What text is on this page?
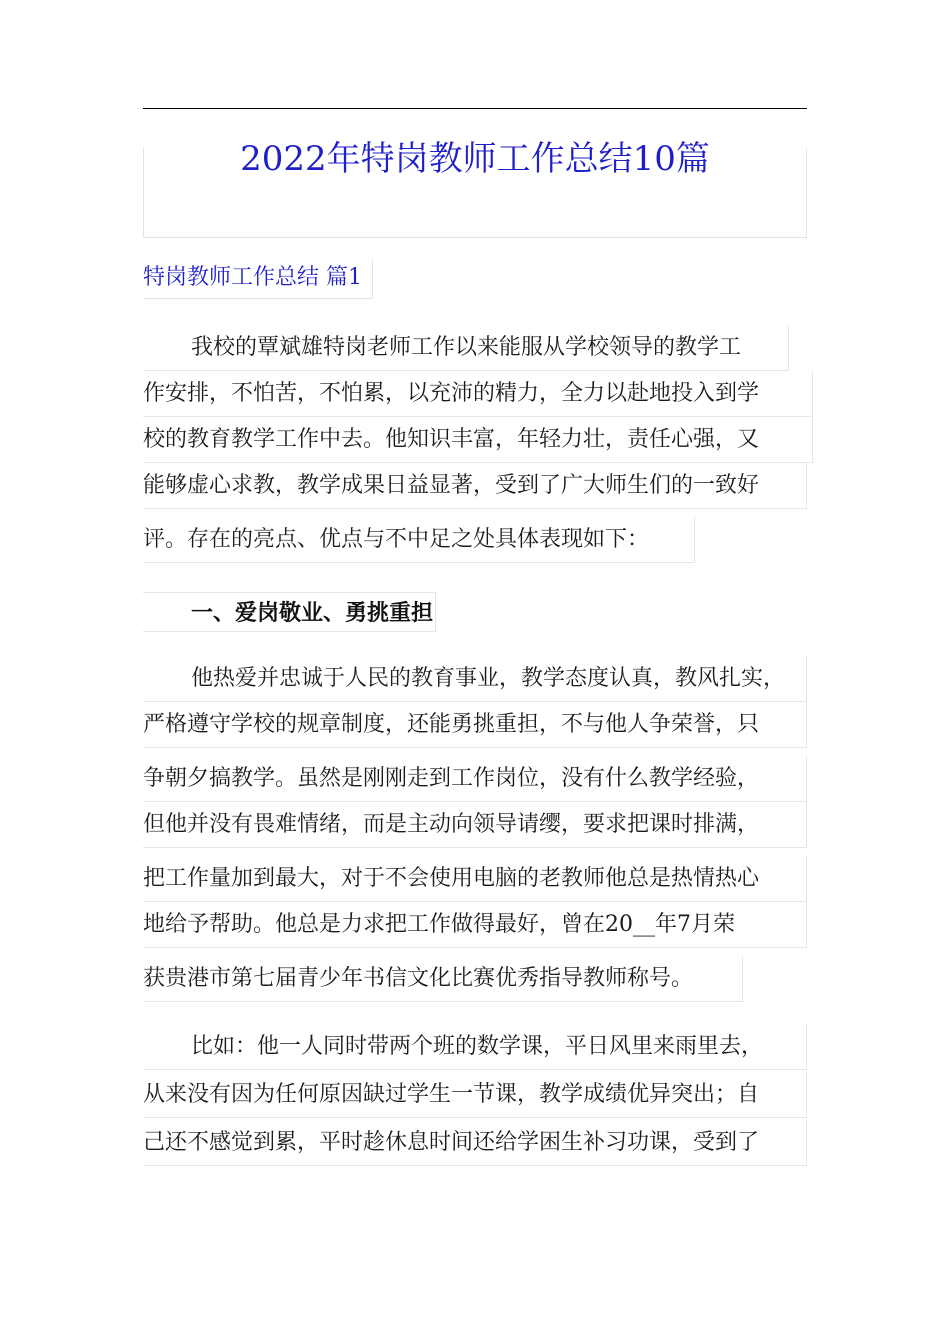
2022年特岗教师工作总结10篇
特岗教师工作总结 篇1
我校的覃斌雄特岗老师工作以来能服从学校领导的教学工
作安排，不怕苦，不怕累，以充沛的精力，全力以赴地投入到学
校的教育教学工作中去。他知识丰富，年轻力壮，责任心强，又
能够虚心求教，教学成果日益显著，受到了广大师生们的一致好
评。存在的亮点、优点与不中足之处具体表现如下：
一、爱岗敬业、勇挑重担
他热爱并忠诚于人民的教育事业，教学态度认真，教风扎实，
严格遵守学校的规章制度，还能勇挑重担，不与他人争荣誉，只
争朝夕搞教学。虽然是刚刚走到工作岗位，没有什么教学经验，
但他并没有畏难情绪，而是主动向领导请缨，要求把课时排满，
把工作量加到最大，对于不会使用电脑的老教师他总是热情热心
地给予帮助。他总是力求把工作做得最好，曾在20__年7月荣
获贵港市第七届青少年书信文化比赛优秀指导教师称号。
比如：他一人同时带两个班的数学课，平日风里来雨里去，
从来没有因为任何原因缺过学生一节课，教学成绩优异突出；自
己还不感觉到累，平时趁休息时间还给学困生补习功课，受到了
